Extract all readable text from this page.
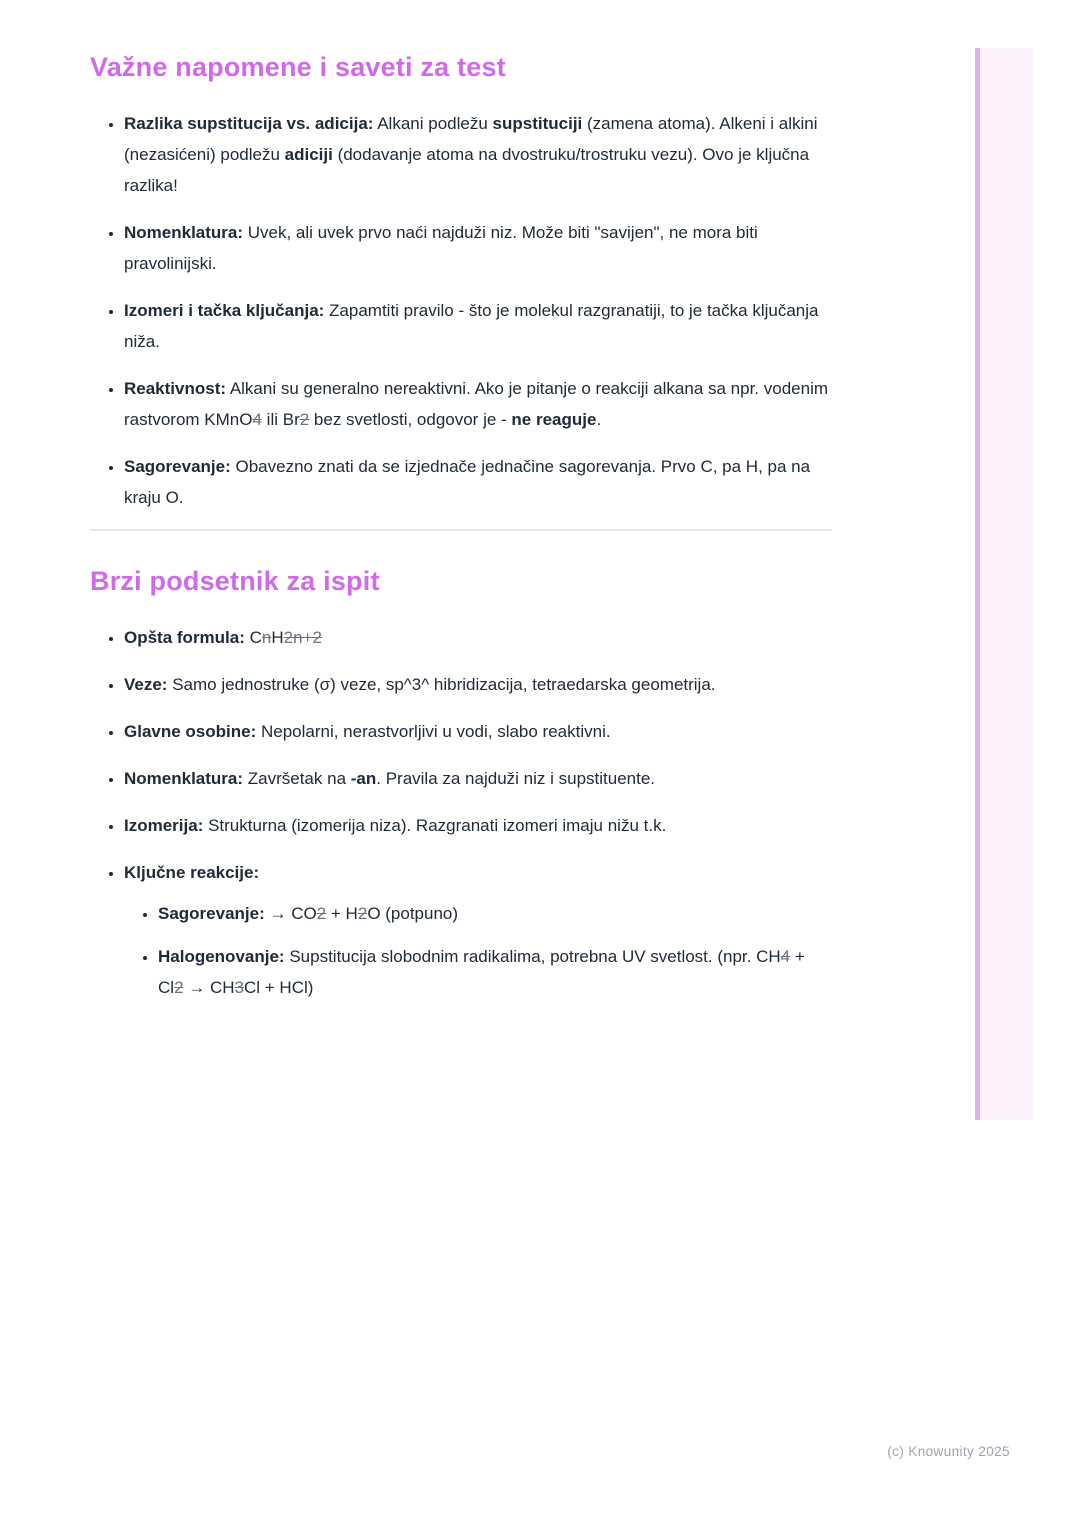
Važne napomene i saveti za test
• Razlika supstitucija vs. adicija: Alkani podležu supstituciji (zamena atoma). Alkeni i alkini (nezasićeni) podležu adiciji (dodavanje atoma na dvostruku/trostruku vezu). Ovo je ključna razlika!
• Nomenklatura: Uvek, ali uvek prvo naći najduži niz. Može biti "savijen", ne mora biti pravolinijski.
• Izomeri i tačka ključanja: Zapamtiti pravilo - što je molekul razgranatiji, to je tačka ključanja niža.
• Reaktivnost: Alkani su generalno nereaktivni. Ako je pitanje o reakciji alkana sa npr. vodenim rastvorom KMnO4 ili Br2 bez svetlosti, odgovor je - ne reaguje.
• Sagorevanje: Obavezno znati da se izjednače jednačine sagorevanja. Prvo C, pa H, pa na kraju O.
Brzi podsetnik za ispit
• Opšta formula: CnH2n+2
• Veze: Samo jednostruke (σ) veze, sp^3^ hibridizacija, tetraedarska geometrija.
• Glavne osobine: Nepolarni, nerastvorljivi u vodi, slabo reaktivni.
• Nomenklatura: Završetak na -an. Pravila za najduži niz i supstituente.
• Izomerija: Strukturna (izomerija niza). Razgranati izomeri imaju nižu t.k.
• Ključne reakcije:
• Sagorevanje: → CO2 + H2O (potpuno)
• Halogenovanje: Supstitucija slobodnim radikalima, potrebna UV svetlost. (npr. CH4 + Cl2 → CH3Cl + HCl)
(c) Knowunity 2025
